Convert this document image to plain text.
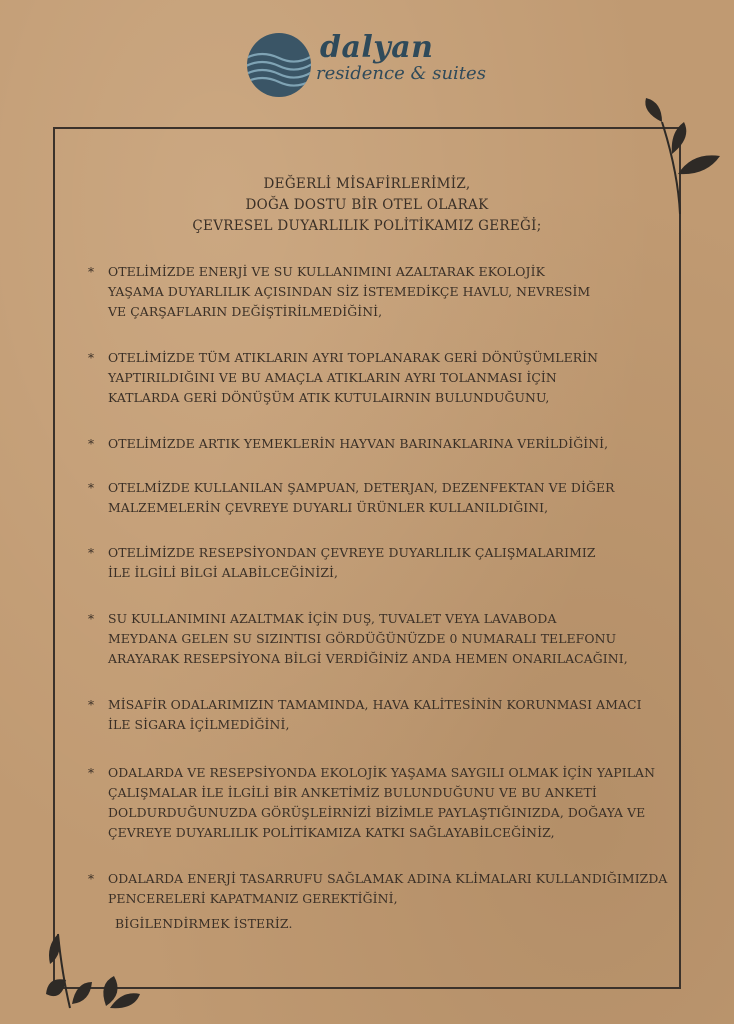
dalyan
residence & suites
DEĞERLİ MİSAFİRLERİMİZ,
DOĞA DOSTU BİR OTEL OLARAK
ÇEVRESEL DUYARLILIK POLİTİKAMIZ GEREĞİ;
* OTELİMİZDE ENERJİ VE SU KULLANIMINI AZALTARAK EKOLOJİK
YAŞAMA DUYARLILIK AÇISINDAN SİZ İSTEMEDİKÇE HAVLU, NEVRESİM
VE ÇARŞAFLARIN DEĞİŞTİRİLMEDİĞİNİ,
* OTELİMİZDE TÜM ATIKLARIN AYRI TOPLANARAK GERİ DÖNÜŞÜMLERİN
YAPTIRILDIĞINI VE BU AMAÇLA ATIKLARIN AYRI TOLANMASI İÇİN
KATLARDA GERİ DÖNÜŞÜM ATIK KUTULAIRNIN BULUNDUĞUNU,
* OTELİMİZDE ARTIK YEMEKLERİN HAYVAN BARINAKLARINA VERİLDİĞİNİ,
* OTELMİZDE KULLANILAN ŞAMPUAN, DETERJAN, DEZENFEKTAN VE DİĞER
MALZEMELERİN ÇEVREYE DUYARLI ÜRÜNLER KULLANILDIĞINI,
* OTELİMİZDE RESEPSİYONDAN ÇEVREYE DUYARLILIK ÇALIŞMALARIMIZ
İLE İLGİLİ BİLGİ ALABİLCEĞİNİZİ,
* SU KULLANIMINI AZALTMAK İÇİN DUŞ, TUVALET VEYA LAVABODA
MEYDANA GELEN SU SIZINTISI GÖRDÜĞÜNÜZDE 0 NUMARALI TELEFONU
ARAYARAK RESEPSİYONA BİLGİ VERDİĞİNİZ ANDA HEMEN ONARILACAĞINI,
* MİSAFİR ODALARIMIZIN TAMAMINDA, HAVA KALİTESİNİN KORUNMASI AMACI
İLE SİGARA İÇİLMEDİĞİNİ,
* ODALARDA VE RESEPSİYONDA EKOLOJİK YAŞAMA SAYGILI OLMAK İÇİN YAPILAN
ÇALIŞMALAR İLE İLGİLİ BİR ANKETİMİZ BULUNDUĞUNU VE BU ANKETİ
DOLDURDUĞUNUZDA GÖRÜŞLEİRNİZİ BİZİMLE PAYLAŞTIĞINIZDA, DOĞAYA VE
ÇEVREYE DUYARLILIK POLİTİKAMIZA KATKI SAĞLAYABİLCEĞİNİZ,
* ODALARDA ENERJİ TASARRUFU SAĞLAMAK ADINA KLİMALARI KULLANDIĞIMIZDA
PENCERELERİ KAPATMANIZ GEREKTİĞİNİ,
BİGİLENDİRMEK İSTERİZ.
